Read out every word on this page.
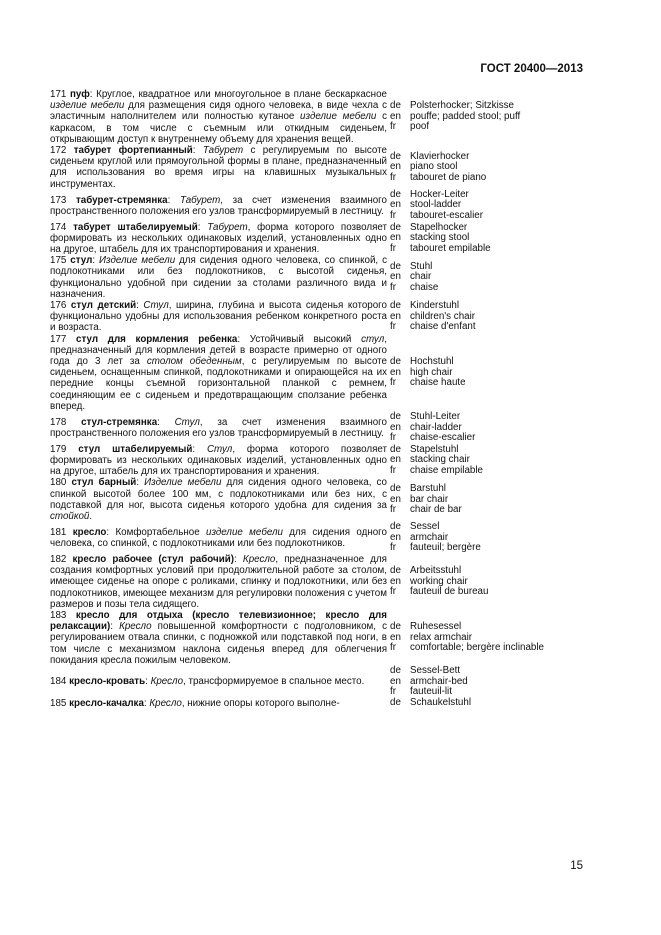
ГОСТ 20400—2013
171 пуф: Круглое, квадратное или многоугольное в плане бескаркасное изделие мебели для размещения сидя одного человека, в виде чехла с эластичным наполнителем или полностью кутаное изделие мебели с каркасом, в том числе с съемным или откидным сиденьем, открывающим доступ к внутреннему объему для хранения вещей.
de
en
fr
Polsterhocker; Sitzkisse
pouffe; padded stool; puff
poof
172 табурет фортепианный: Табурет с регулируемым по высоте сиденьем круглой или прямоугольной формы в плане, предназначенный для использования во время игры на клавишных музыкальных инструментах.
de
en
fr
Klavierhocker
piano stool
tabouret de piano
173 табурет-стремянка: Табурет, за счет изменения взаимного пространственного положения его узлов трансформируемый в лестницу.
de
en
fr
Hocker-Leiter
stool-ladder
tabouret-escalier
174 табурет штабелируемый: Табурет, форма которого позволяет формировать из нескольких одинаковых изделий, установленных одно на другое, штабель для их транспортирования и хранения.
de
en
fr
Stapelhocker
stacking stool
tabouret empilable
175 стул: Изделие мебели для сидения одного человека, со спинкой, с подлокотниками или без подлокотников, с высотой сиденья, функционально удобной при сидении за столами различного вида и назначения.
de
en
fr
Stuhl
chair
chaise
176 стул детский: Стул, ширина, глубина и высота сиденья которого функционально удобны для использования ребенком конкретного роста и возраста.
de
en
fr
Kinderstuhl
children's chair
chaise d'enfant
177 стул для кормления ребенка: Устойчивый высокий стул, предназначенный для кормления детей в возрасте примерно от одного года до 3 лет за столом обеденным, с регулируемым по высоте сиденьем, оснащенным спинкой, подлокотниками и опирающейся на их передние концы съемной горизонтальной планкой с ремнем, соединяющим ее с сиденьем и предотвращающим сползание ребенка вперед.
de
en
fr
Hochstuhl
high chair
chaise haute
178 стул-стремянка: Стул, за счет изменения взаимного пространственного положения его узлов трансформируемый в лестницу.
de
en
fr
Stuhl-Leiter
chair-ladder
chaise-escalier
179 стул штабелируемый: Стул, форма которого позволяет формировать из нескольких одинаковых изделий, установленных одно на другое, штабель для их транспортирования и хранения.
de
en
fr
Stapelstuhl
stacking chair
chaise empilable
180 стул барный: Изделие мебели для сидения одного человека, со спинкой высотой более 100 мм, с подлокотниками или без них, с подставкой для ног, высота сиденья которого удобна для сидения за стойкой.
de
en
fr
Barstuhl
bar chair
chair de bar
181 кресло: Комфортабельное изделие мебели для сидения одного человека, со спинкой, с подлокотниками или без подлокотников.
de
en
fr
Sessel
armchair
fauteuil; bergère
182 кресло рабочее (стул рабочий): Кресло, предназначенное для создания комфортных условий при продолжительной работе за столом, имеющее сиденье на опоре с роликами, спинку и подлокотники, или без подлокотников, имеющее механизм для регулировки положения с учетом размеров и позы тела сидящего.
de
en
fr
Arbeitsstuhl
working chair
fauteuil de bureau
183 кресло для отдыха (кресло телевизионное; кресло для релаксации): Кресло повышенной комфортности с подголовником, с регулированием отвала спинки, с подножкой или подставкой под ноги, в том числе с механизмом наклона сиденья вперед для облегчения покидания кресла пожилым человеком.
de
en
fr
Ruhesessel
relax armchair
comfortable; bergère inclinable
184 кресло-кровать: Кресло, трансформируемое в спальное место.
de
en
fr
Sessel-Bett
armchair-bed
fauteuil-lit
185 кресло-качалка: Кресло, нижние опоры которого выполне-	de Schaukelstuhl
15
